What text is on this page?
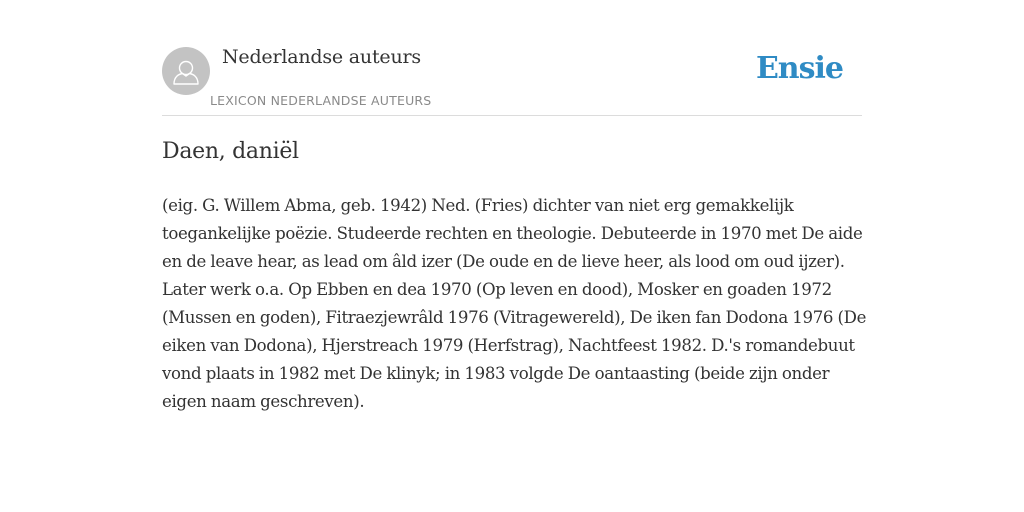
Nederlandse auteurs
LEXICON NEDERLANDSE AUTEURS
Ensie
Daen, daniël

(eig. G. Willem Abma, geb. 1942) Ned. (Fries) dichter van niet erg gemakkelijk toegankelijke poëzie. Studeerde rechten en theologie. Debuteerde in 1970 met De aide en de leave hear, as lead om âld izer (De oude en de lieve heer, als lood om oud ijzer). Later werk o.a. Op Ebben en dea 1970 (Op leven en dood), Mosker en goaden 1972 (Mussen en goden), Fitraezjewrâld 1976 (Vitragewereld), De iken fan Dodona 1976 (De eiken van Dodona), Hjerstreach 1979 (Herfstrag), Nachtfeest 1982. D.'s romandebuut vond plaats in 1982 met De klinyk; in 1983 volgde De oantaasting (beide zijn onder eigen naam geschreven).
